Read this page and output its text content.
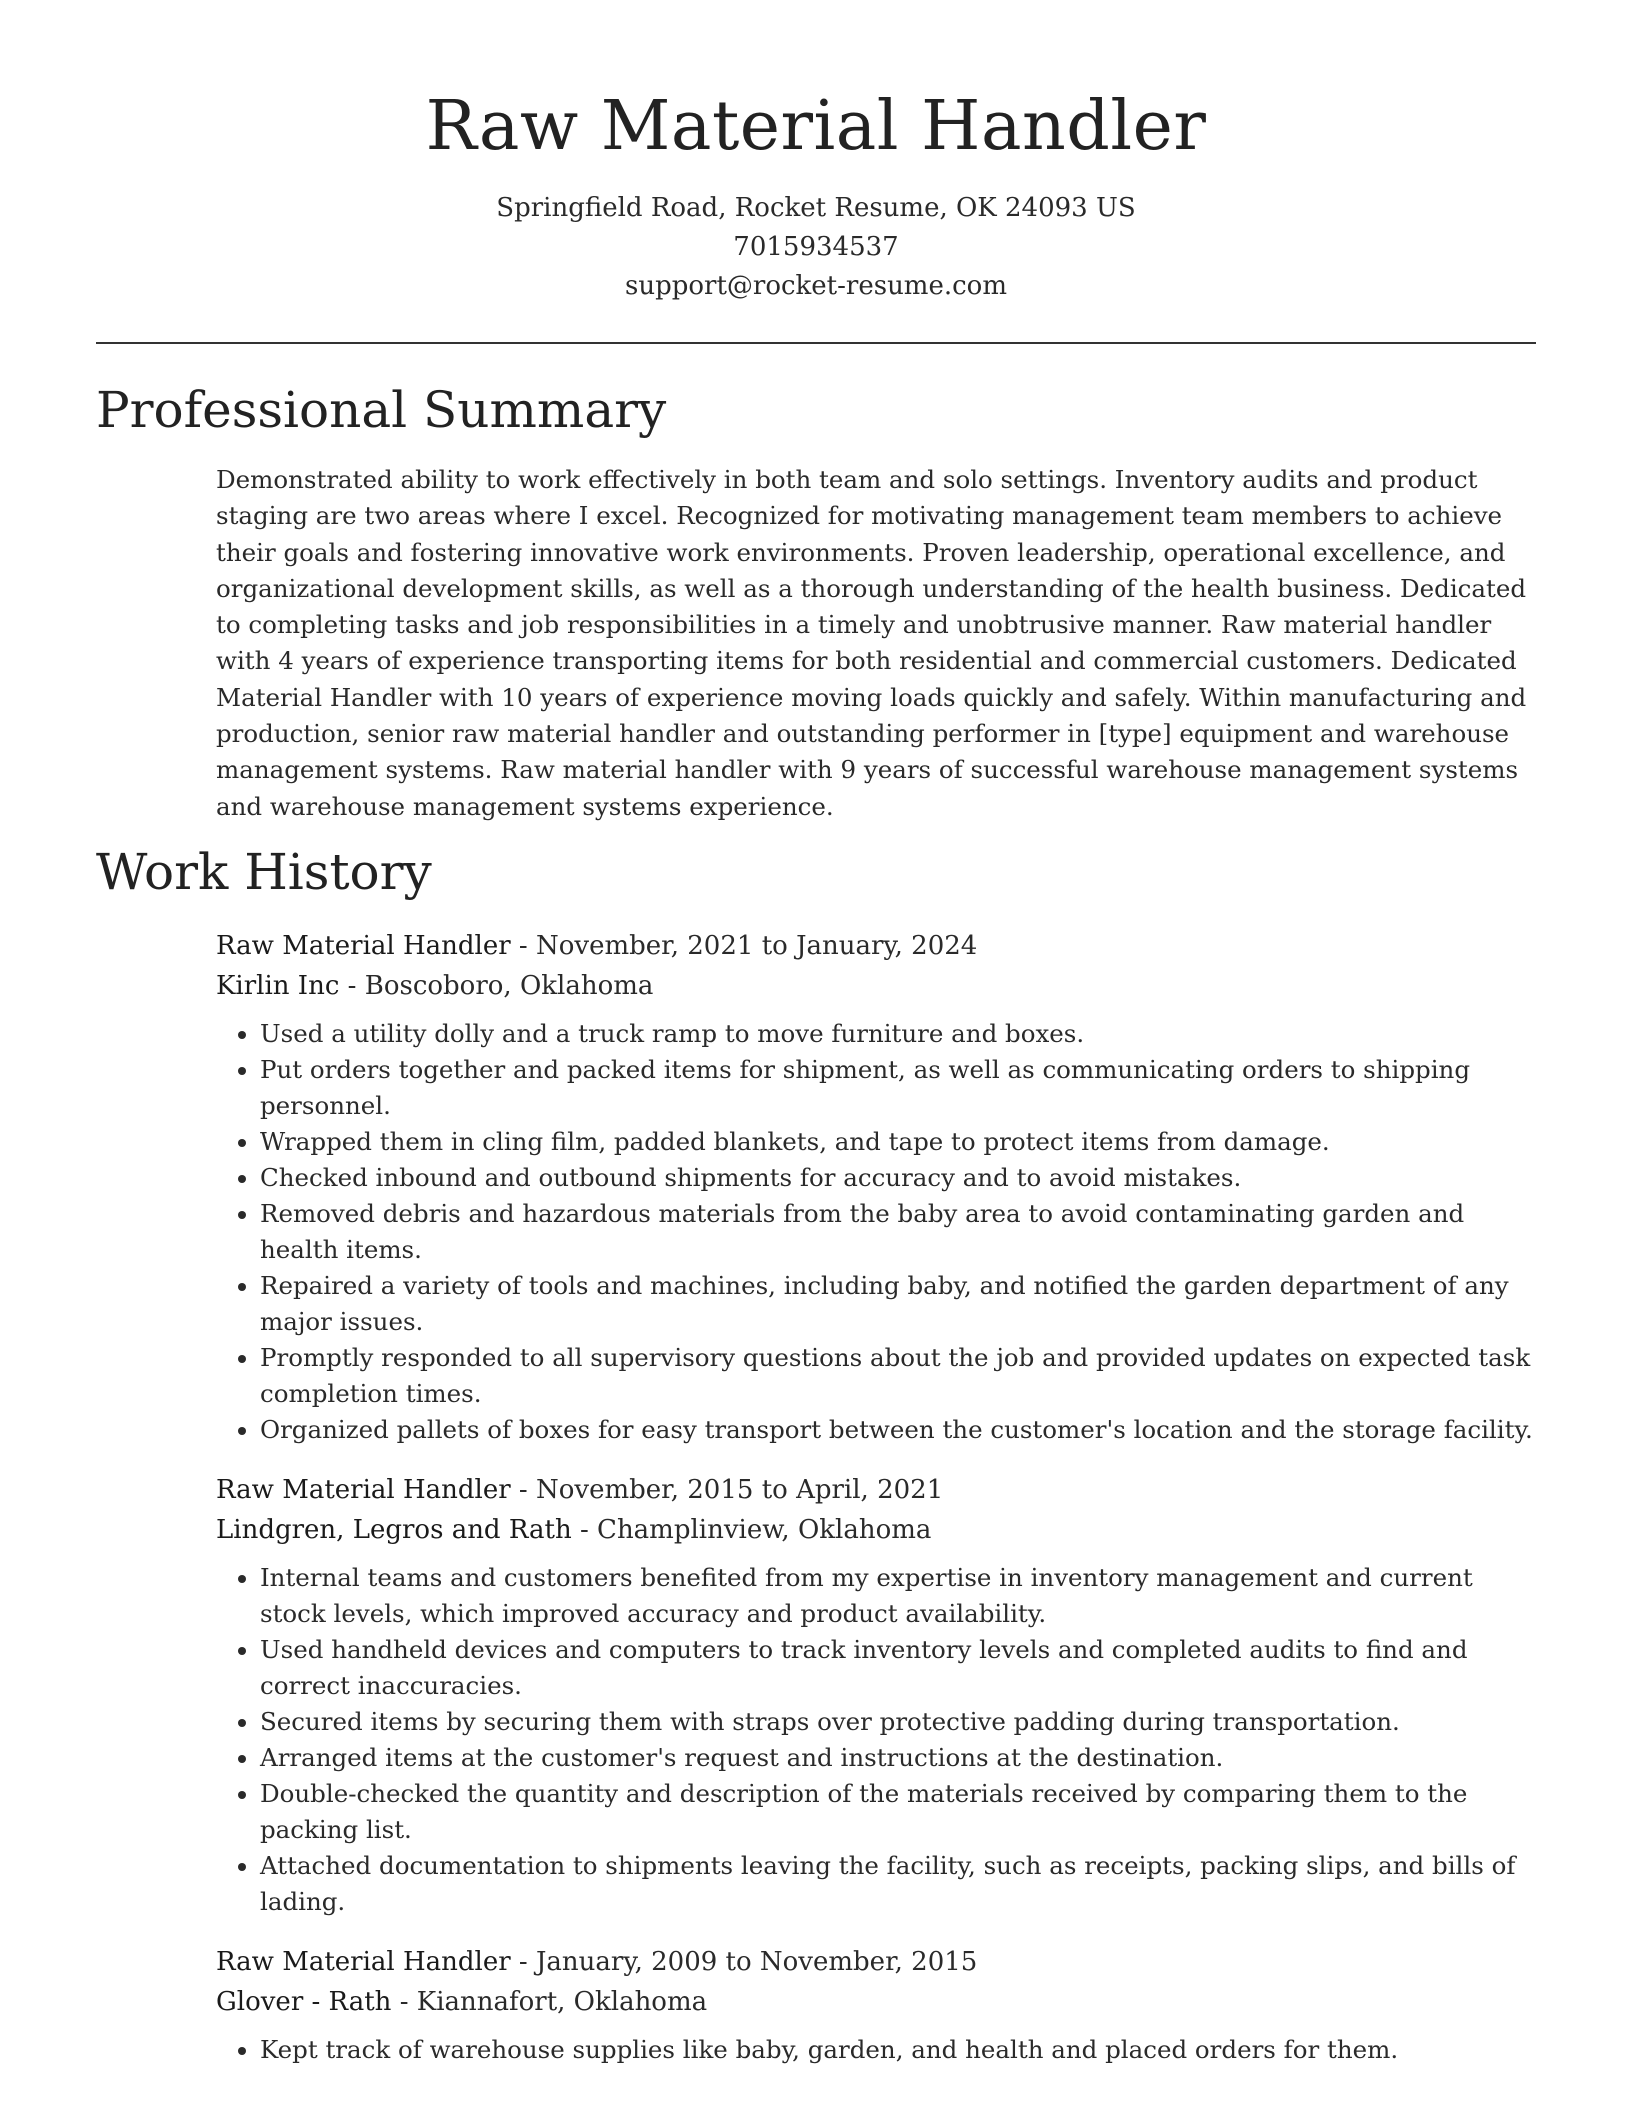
Raw Material Handler
Springfield Road, Rocket Resume, OK 24093 US
7015934537
support@rocket-resume.com
Professional Summary
Demonstrated ability to work effectively in both team and solo settings. Inventory audits and product staging are two areas where I excel. Recognized for motivating management team members to achieve their goals and fostering innovative work environments. Proven leadership, operational excellence, and organizational development skills, as well as a thorough understanding of the health business. Dedicated to completing tasks and job responsibilities in a timely and unobtrusive manner. Raw material handler with 4 years of experience transporting items for both residential and commercial customers. Dedicated Material Handler with 10 years of experience moving loads quickly and safely. Within manufacturing and production, senior raw material handler and outstanding performer in [type] equipment and warehouse management systems. Raw material handler with 9 years of successful warehouse management systems and warehouse management systems experience.
Work History
Raw Material Handler - November, 2021 to January, 2024
Kirlin Inc - Boscoboro, Oklahoma
• Used a utility dolly and a truck ramp to move furniture and boxes.
• Put orders together and packed items for shipment, as well as communicating orders to shipping personnel.
• Wrapped them in cling film, padded blankets, and tape to protect items from damage.
• Checked inbound and outbound shipments for accuracy and to avoid mistakes.
• Removed debris and hazardous materials from the baby area to avoid contaminating garden and health items.
• Repaired a variety of tools and machines, including baby, and notified the garden department of any major issues.
• Promptly responded to all supervisory questions about the job and provided updates on expected task completion times.
• Organized pallets of boxes for easy transport between the customer's location and the storage facility.
Raw Material Handler - November, 2015 to April, 2021
Lindgren, Legros and Rath - Champlinview, Oklahoma
• Internal teams and customers benefited from my expertise in inventory management and current stock levels, which improved accuracy and product availability.
• Used handheld devices and computers to track inventory levels and completed audits to find and correct inaccuracies.
• Secured items by securing them with straps over protective padding during transportation.
• Arranged items at the customer's request and instructions at the destination.
• Double-checked the quantity and description of the materials received by comparing them to the packing list.
• Attached documentation to shipments leaving the facility, such as receipts, packing slips, and bills of lading.
Raw Material Handler - January, 2009 to November, 2015
Glover - Rath - Kiannafort, Oklahoma
• Kept track of warehouse supplies like baby, garden, and health and placed orders for them.
